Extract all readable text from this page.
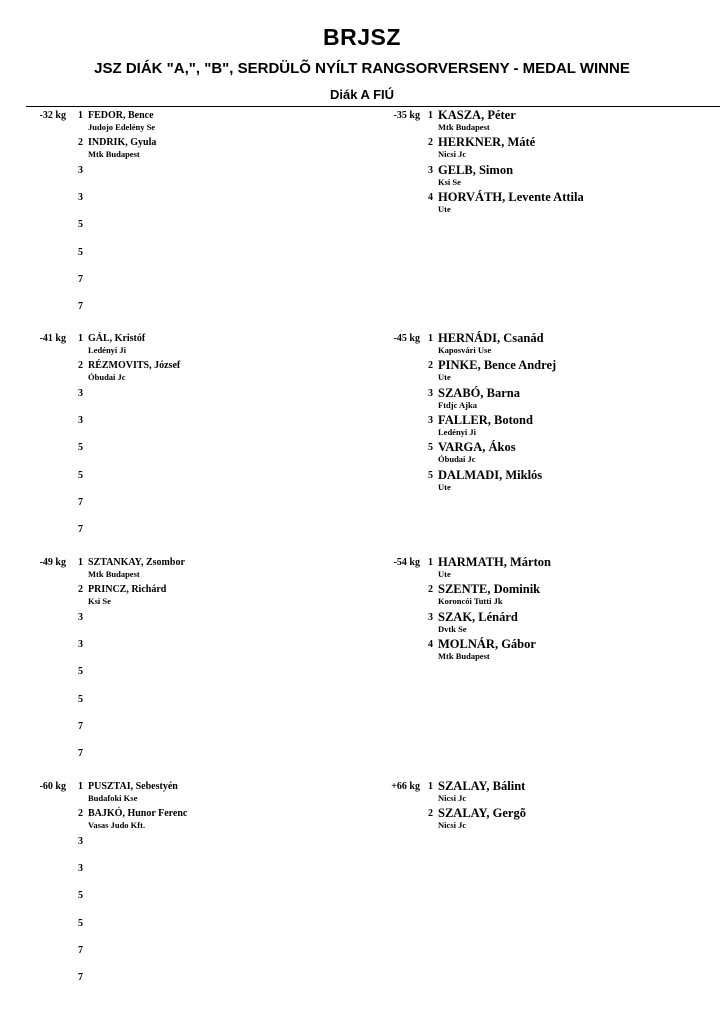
BRJSZ
JSZ DIÁK "A,", "B", SERDÜLÕ NYÍLT RANGSORVERSENY - MEDAL WINNE
Diák A FIÚ
-32 kg 1 FEDOR, Bence
Judojo Edelény Se
2 INDRIK, Gyula
Mtk Budapest
3
3
5
5
7
7
-35 kg 1 KASZA, Péter
Mtk Budapest
2 HERKNER, Máté
Nicsi Jc
3 GELB, Simon
Ksi Se
4 HORVÁTH, Levente Attila
Ute
-41 kg 1 GÁL, Kristóf
Ledényi Ji
2 RÉZMOVITS, József
Óbudai Jc
3
3
5
5
7
7
-45 kg 1 HERNÁDI, Csanád
Kaposvári Use
2 PINKE, Bence Andrej
Ute
3 SZABÓ, Barna
Ftdjc Ajka
3 FALLER, Botond
Ledényi Ji
5 VARGA, Ákos
Óbudai Jc
5 DALMADI, Miklós
Ute
-49 kg 1 SZTANKAY, Zsombor
Mtk Budapest
2 PRINCZ, Richárd
Ksi Se
3
3
5
5
7
7
-54 kg 1 HARMATH, Márton
Ute
2 SZENTE, Dominik
Koroncói Tutti Jk
3 SZAK, Lénárd
Dvtk Se
4 MOLNÁR, Gábor
Mtk Budapest
-60 kg 1 PUSZTAI, Sebestyén
Budafoki Kse
2 BAJKÓ, Hunor Ferenc
Vasas Judo Kft.
3
3
5
5
7
7
+66 kg 1 SZALAY, Bálint
Nicsi Jc
2 SZALAY, Gergõ
Nicsi Jc
